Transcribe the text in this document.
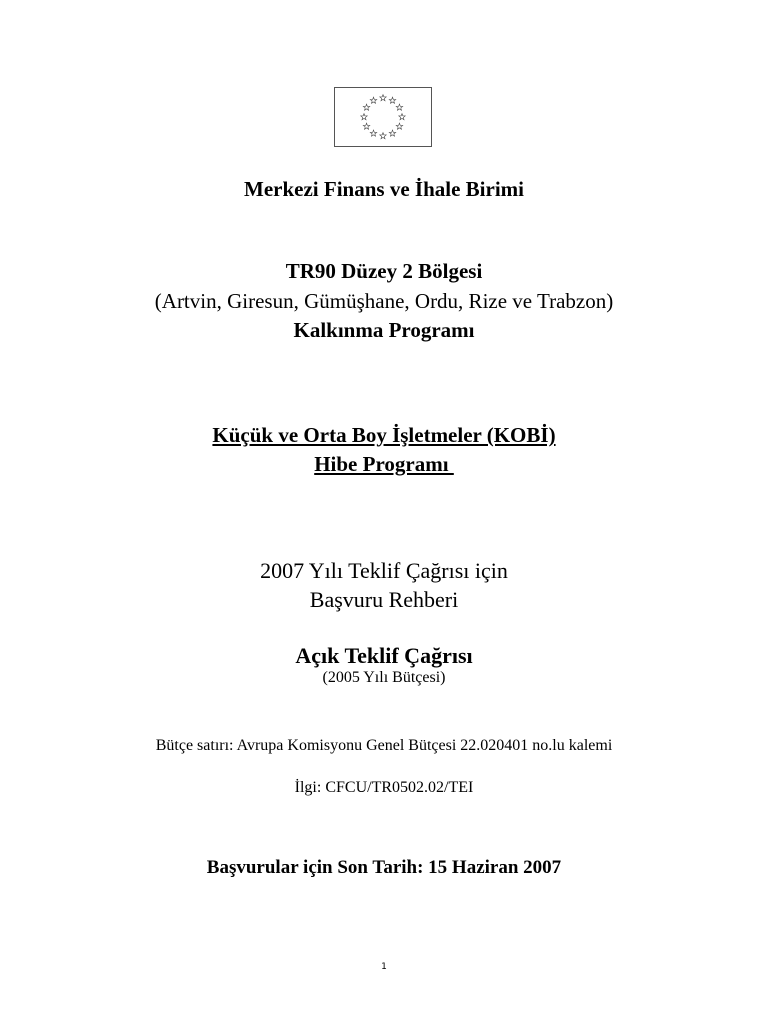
Merkezi Finans ve İhale Birimi
TR90 Düzey 2 Bölgesi
(Artvin, Giresun, Gümüşhane, Ordu, Rize ve Trabzon)
Kalkınma Programı
Küçük ve Orta Boy İşletmeler (KOBİ)
Hibe Programı
2007 Yılı Teklif Çağrısı için
Başvuru Rehberi
Açık Teklif Çağrısı
(2005 Yılı Bütçesi)
Bütçe satırı: Avrupa Komisyonu Genel Bütçesi 22.020401 no.lu kalemi
İlgi: CFCU/TR0502.02/TEI
Başvurular için Son Tarih: 15 Haziran 2007
1
